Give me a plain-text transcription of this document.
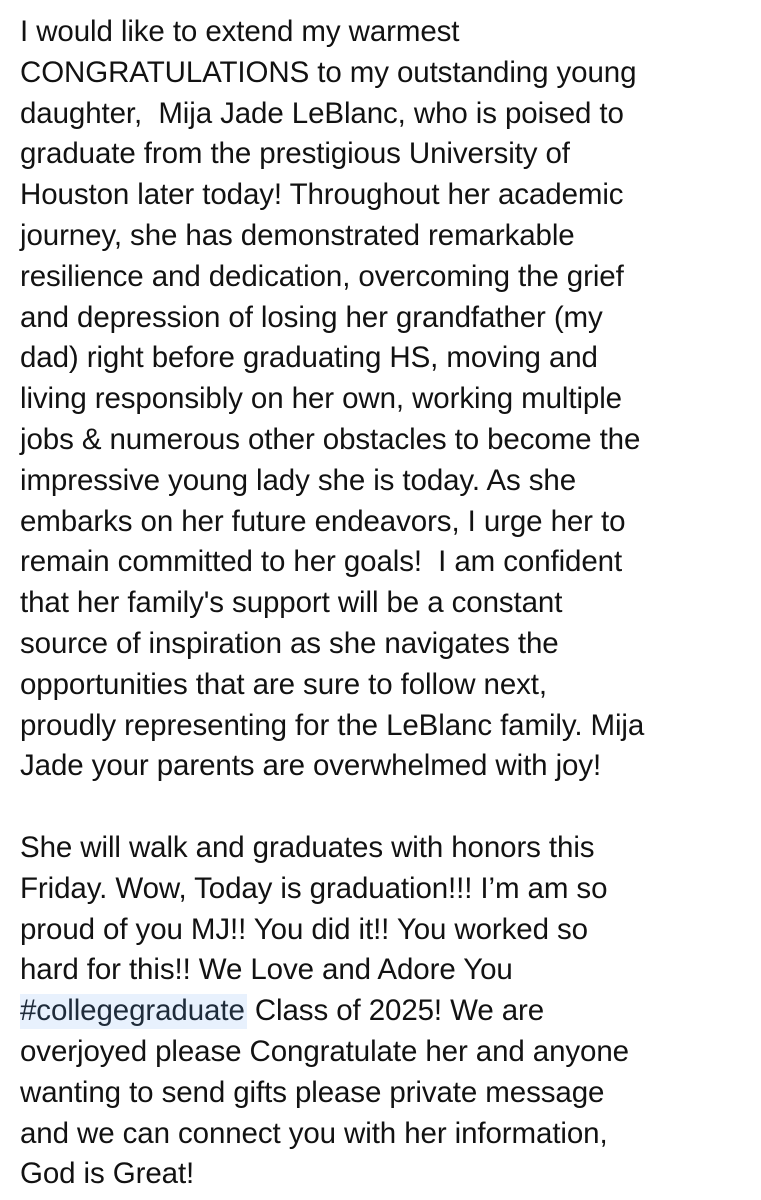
I would like to extend my warmest
CONGRATULATIONS to my outstanding young
daughter,  Mija Jade LeBlanc, who is poised to
graduate from the prestigious University of
Houston later today! Throughout her academic
journey, she has demonstrated remarkable
resilience and dedication, overcoming the grief
and depression of losing her grandfather (my
dad) right before graduating HS, moving and
living responsibly on her own, working multiple
jobs & numerous other obstacles to become the
impressive young lady she is today. As she
embarks on her future endeavors, I urge her to
remain committed to her goals!  I am confident
that her family's support will be a constant
source of inspiration as she navigates the
opportunities that are sure to follow next,
proudly representing for the LeBlanc family. Mija
Jade your parents are overwhelmed with joy!
She will walk and graduates with honors this
Friday. Wow, Today is graduation!!! I’m am so
proud of you MJ!! You did it!! You worked so
hard for this!! We Love and Adore You
#collegegraduate Class of 2025! We are
overjoyed please Congratulate her and anyone
wanting to send gifts please private message
and we can connect you with her information,
God is Great!
